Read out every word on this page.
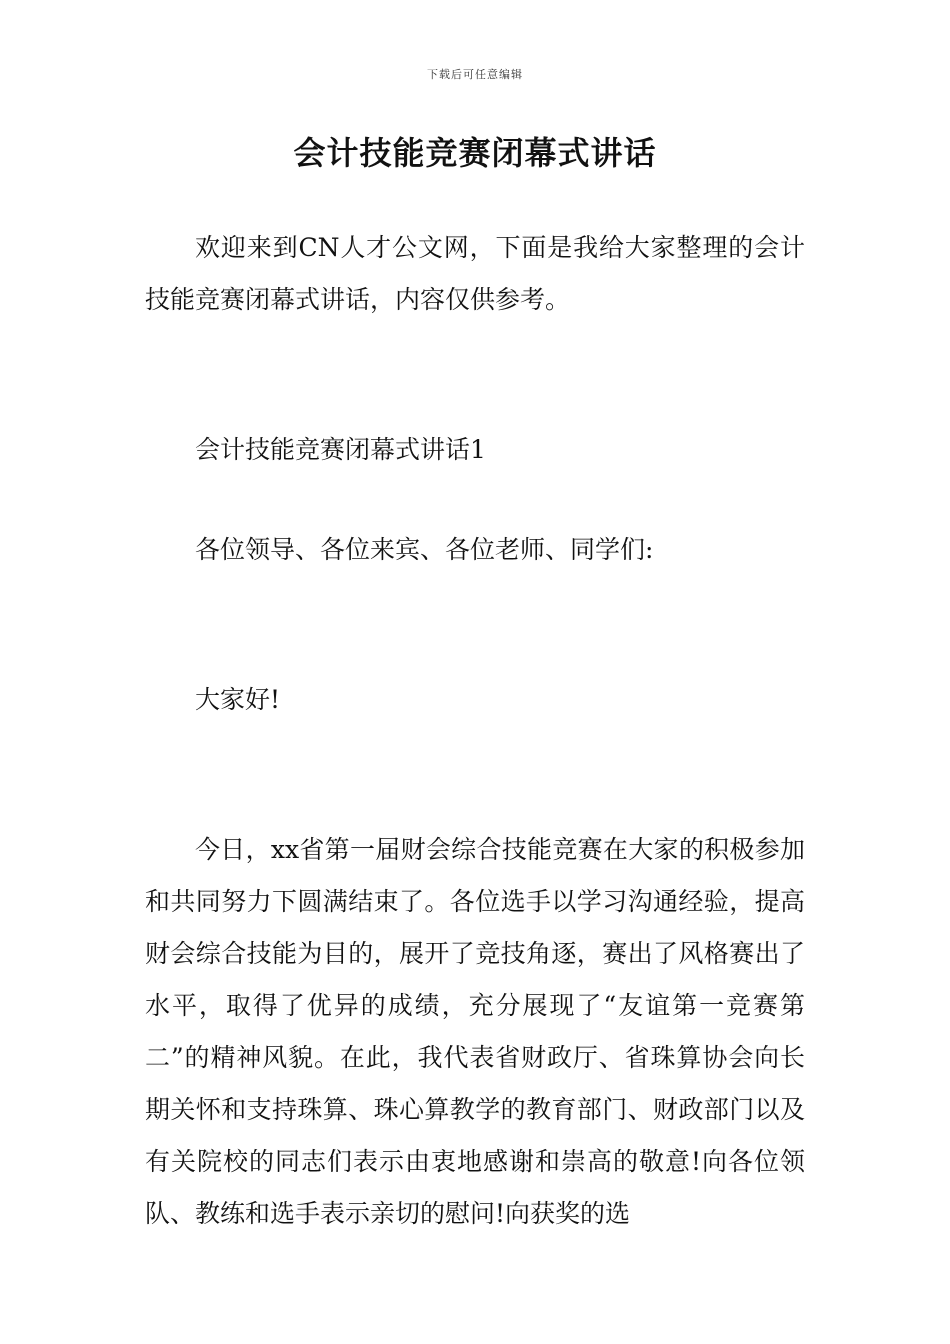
下载后可任意编辑
会计技能竞赛闭幕式讲话

欢迎来到CN人才公文网，下面是我给大家整理的会计技能竞赛闭幕式讲话，内容仅供参考。

会计技能竞赛闭幕式讲话1

各位领导、各位来宾、各位老师、同学们:

大家好!

今日，xx省第一届财会综合技能竞赛在大家的积极参加和共同努力下圆满结束了。各位选手以学习沟通经验，提高财会综合技能为目的，展开了竞技角逐，赛出了风格赛出了水平，取得了优异的成绩，充分展现了“友谊第一竞赛第二”的精神风貌。在此，我代表省财政厅、省珠算协会向长期关怀和支持珠算、珠心算教学的教育部门、财政部门以及有关院校的同志们表示由衷地感谢和崇高的敬意!向各位领队、教练和选手表示亲切的慰问!向获奖的选
